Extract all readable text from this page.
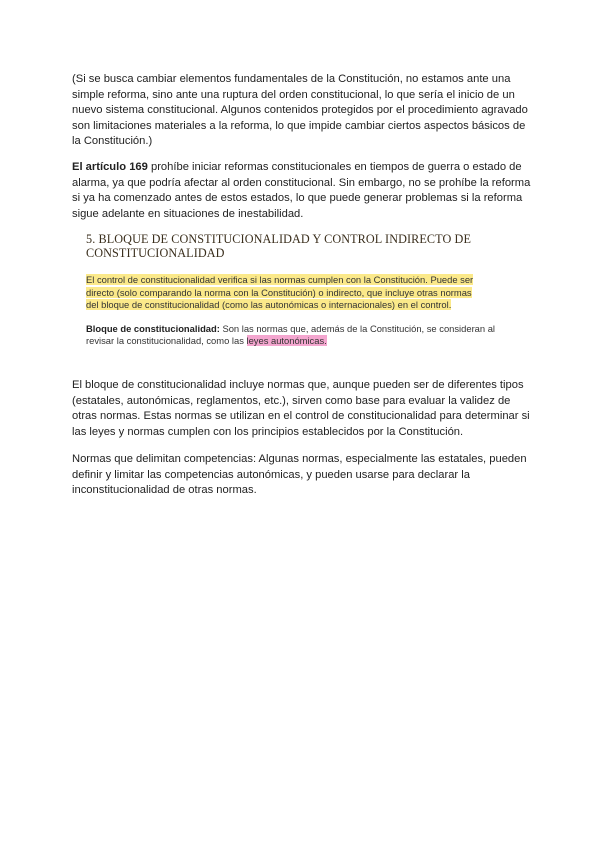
(Si se busca cambiar elementos fundamentales de la Constitución, no estamos ante una simple reforma, sino ante una ruptura del orden constitucional, lo que sería el inicio de un nuevo sistema constitucional. Algunos contenidos protegidos por el procedimiento agravado son limitaciones materiales a la reforma, lo que impide cambiar ciertos aspectos básicos de la Constitución.)

El artículo 169 prohíbe iniciar reformas constitucionales en tiempos de guerra o estado de alarma, ya que podría afectar al orden constitucional. Sin embargo, no se prohíbe la reforma si ya ha comenzado antes de estos estados, lo que puede generar problemas si la reforma sigue adelante en situaciones de inestabilidad.

5. BLOQUE DE CONSTITUCIONALIDAD Y CONTROL INDIRECTO DE CONSTITUCIONALIDAD

El control de constitucionalidad verifica si las normas cumplen con la Constitución. Puede ser
directo (solo comparando la norma con la Constitución) o indirecto, que incluye otras normas
del bloque de constitucionalidad (como las autonómicas o internacionales) en el control.
Bloque de constitucionalidad: Son las normas que, además de la Constitución, se consideran al revisar la constitucionalidad, como las leyes autonómicas.

El bloque de constitucionalidad incluye normas que, aunque pueden ser de diferentes tipos (estatales, autonómicas, reglamentos, etc.), sirven como base para evaluar la validez de otras normas. Estas normas se utilizan en el control de constitucionalidad para determinar si las leyes y normas cumplen con los principios establecidos por la Constitución.

Normas que delimitan competencias: Algunas normas, especialmente las estatales, pueden definir y limitar las competencias autonómicas, y pueden usarse para declarar la inconstitucionalidad de otras normas.
